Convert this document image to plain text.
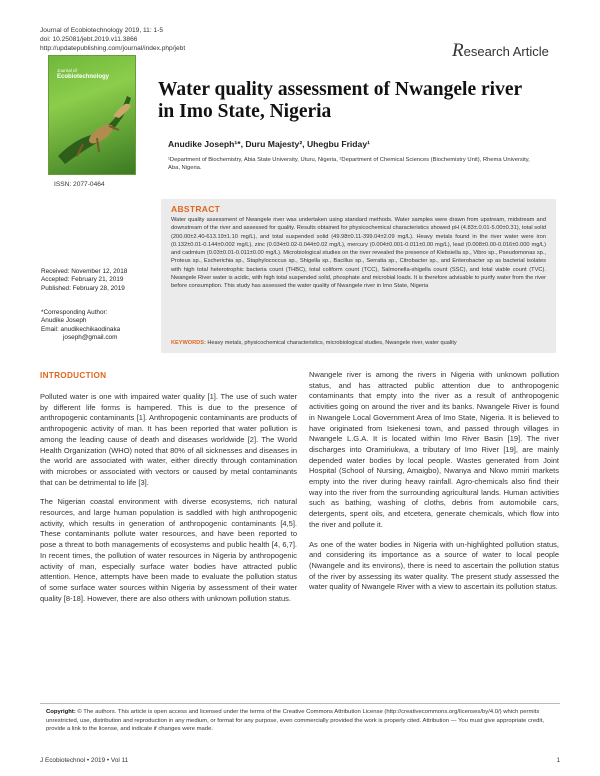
Journal of Ecobiotechnology 2019, 11: 1-5
doi: 10.25081/jebt.2019.v11.3866
http://updatepublishing.com/journal/index.php/jebt	Research Article
Journal of
Ecobiotechnology
ISSN: 2077-0464
Water quality assessment of Nwangele river in Imo State, Nigeria
Anudike Joseph¹*, Duru Majesty², Uhegbu Friday¹
¹Department of Biochemistry, Abia State University, Uturu, Nigeria, ²Department of Chemical Sciences (Biochemistry Unit), Rhema University, Aba, Nigeria.
ABSTRACT
Water quality assessment of Nwangele river was undertaken using standard methods. Water samples were drawn from upstream, midstream and downstream of the river and assessed for quality. Results obtained for physicochemical characteristics showed pH (4.83±.0.01-5.00±0.31), total solid (200.00±2.40-613.19±1.10 mg/L), and total suspended solid (49.98±0.11-399.04±2.09 mg/L). Heavy metals found in the river water were iron (0.132±0.01-0.144±0.002 mg/L), zinc (0.034±0.02-0.044±0.02 mg/L), mercury (0.004±0.001-0.011±0.00 mg/L), lead (0.008±0.00-0.016±0.000 mg/L) and cadmium (0.03±0.01-0.011±0.00 mg/L). Microbiological studies on the river revealed the presence of Klebsiella sp., Vibro sp., Pseudomonas sp., Proteus sp., Escherichia sp., Staphylococcus sp., Shigella sp., Bacillus sp., Serratia sp., Citrobacter sp., and Enterobacter sp as bacterial isolates with high total heterotrophic bacteria count (THBC), total coliform count (TCC), Salmonella-shigella count (SSC), and total viable count (TVC). Nwangele River water is acidic, with high total suspended solid, phosphate and microbial loads. It is therefore advisable to purify water from the river before consumption. This study has assessed the water quality of Nwangele river in Imo State, Nigeria
KEYWORDS: Heavy metals, physicochemical characteristics, microbiological studies, Nwangele river, water quality
Received: November 12, 2018
Accepted: February 21, 2019
Published: February 28, 2019
*Corresponding Author:
Anudike Joseph
Email: anudikechikaodinaka
joseph@gmail.com
INTRODUCTION

Polluted water is one with impaired water quality [1]. The use of such water by different life forms is hampered. This is due to the presence of anthropogenic contaminants [1]. Anthropogenic contaminants are products of anthropogenic activity of man. It has been reported that water pollution is among the leading cause of death and diseases worldwide [2]. The World Health Organization (WHO) noted that 80% of all sicknesses and diseases in the world are associated with water, either directly through contamination with microbes or associated with vectors or caused by metal contaminants that can be detrimental to life [3].

The Nigerian coastal environment with diverse ecosystems, rich natural resources, and large human population is saddled with high anthropogenic activity, which results in generation of anthropogenic contaminants [4,5]. These contaminants pollute water resources, and have been reported to pose a threat to both managements of ecosystems and public health [4, 6,7]. In recent times, the pollution of water resources in Nigeria by anthropogenic activity of man, especially surface water bodies have attracted public attention. Hence, attempts have been made to evaluate the pollution status of some surface water sources within Nigeria by assessment of their water quality [8-18]. However, there are also others with unknown pollution status.

Nwangele river is among the rivers in Nigeria with unknown pollution status, and has attracted public attention due to anthropogenic contaminants that empty into the river as a result of anthropogenic activities going on around the river and its banks. Nwangele River is found in Nwangele Local Government Area of Imo State, Nigeria. It is believed to have originated from Isiekenesi town, and passed through villages in Nwangele L.G.A. It is located within Imo River Basin [19]. The river discharges into Oramiriukwa, a tributary of Imo River [19], are mainly depended water bodies by local people. Wastes generated from Joint Hospital (School of Nursing, Amaigbo), Nwanya and Nkwo mmiri markets empty into the river during heavy rainfall. Agro-chemicals also find their way into the river from the surrounding agricultural lands. Human activities such as bathing, washing of cloths, debris from automobile cars, detergents, spent oils, and etcetera, generate chemicals, which flow into the river and pollute it.

As one of the water bodies in Nigeria with un-highlighted pollution status, and considering its importance as a source of water to local people (Nwangele and its environs), there is need to ascertain the pollution status of the river by assessing its water quality. The present study assessed the water quality of Nwangele River with a view to ascertain its pollution status.

Copyright: © The authors. This article is open access and licensed under the terms of the Creative Commons Attribution License (http://creativecommons.org/licenses/by/4.0/) which permits unrestricted, use, distribution and reproduction in any medium, or format for any purpose, even commercially provided the work is properly cited. Attribution — You must give appropriate credit, provide a link to the license, and indicate if changes were made.
J Ecobiotechnol • 2019 • Vol 11	1
